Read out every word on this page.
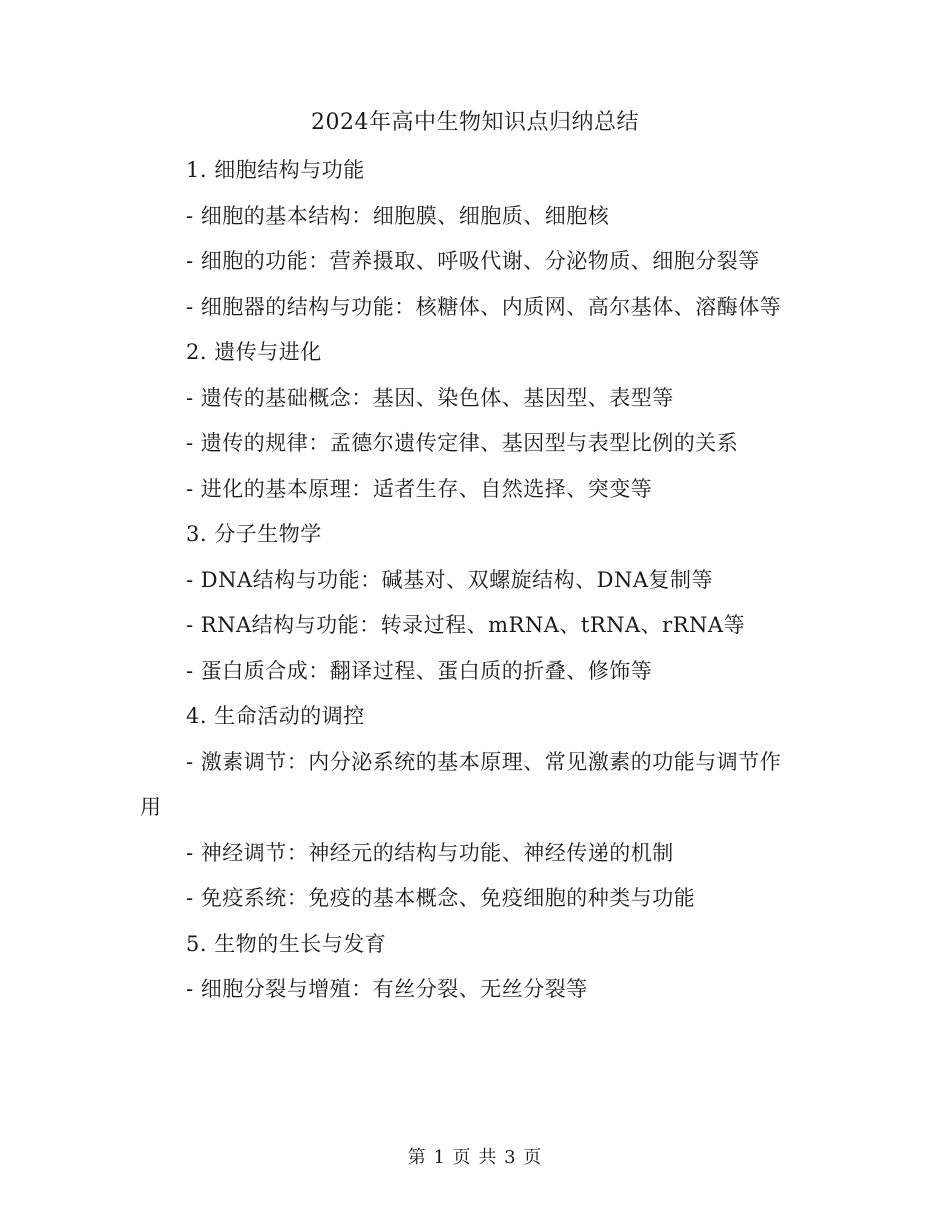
2024年高中生物知识点归纳总结

1. 细胞结构与功能

- 细胞的基本结构：细胞膜、细胞质、细胞核

- 细胞的功能：营养摄取、呼吸代谢、分泌物质、细胞分裂等

- 细胞器的结构与功能：核糖体、内质网、高尔基体、溶酶体等

2. 遗传与进化

- 遗传的基础概念：基因、染色体、基因型、表型等

- 遗传的规律：孟德尔遗传定律、基因型与表型比例的关系

- 进化的基本原理：适者生存、自然选择、突变等

3. 分子生物学

- DNA结构与功能：碱基对、双螺旋结构、DNA复制等

- RNA结构与功能：转录过程、mRNA、tRNA、rRNA等

- 蛋白质合成：翻译过程、蛋白质的折叠、修饰等

4. 生命活动的调控

- 激素调节：内分泌系统的基本原理、常见激素的功能与调节作用

- 神经调节：神经元的结构与功能、神经传递的机制

- 免疫系统：免疫的基本概念、免疫细胞的种类与功能

5. 生物的生长与发育

- 细胞分裂与增殖：有丝分裂、无丝分裂等

第 1 页 共 3 页
